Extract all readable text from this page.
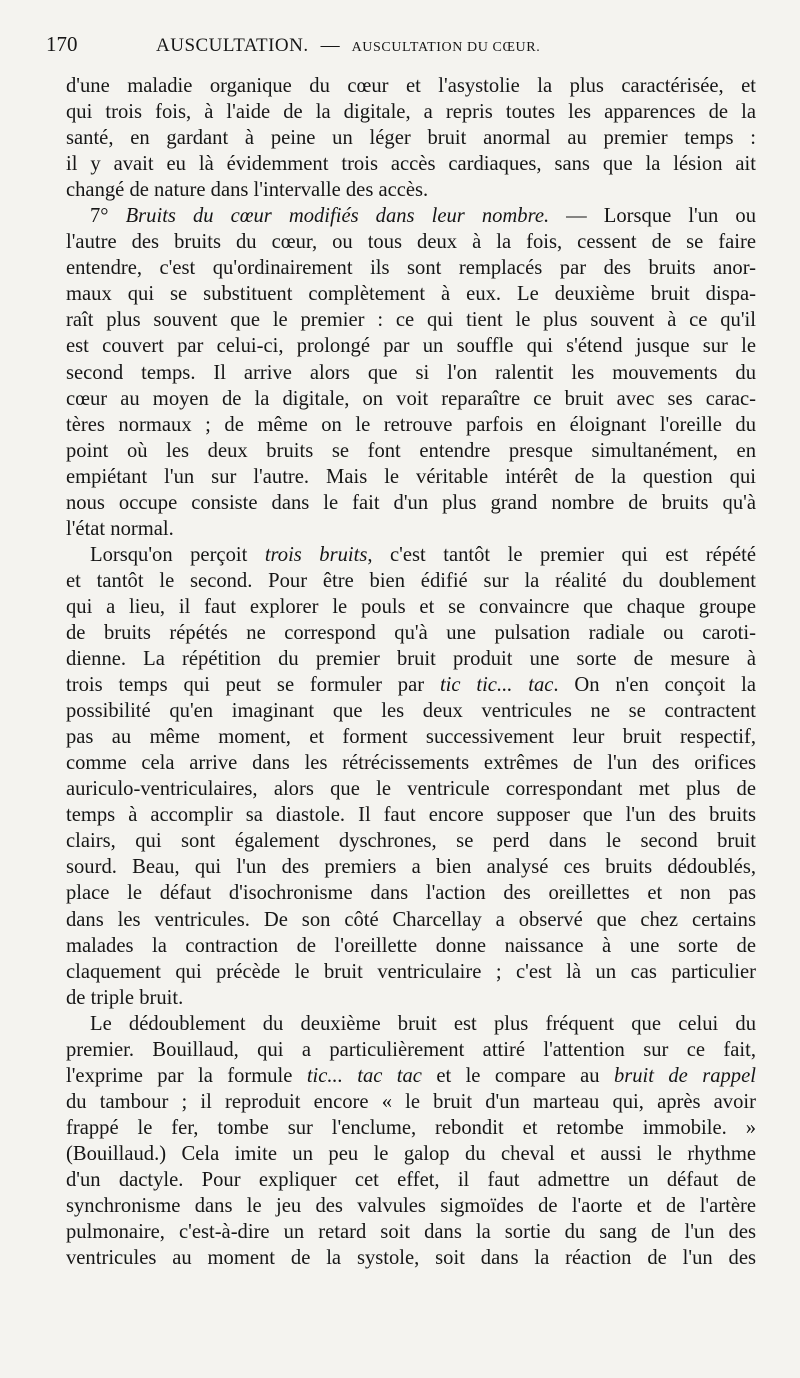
170	AUSCULTATION. — AUSCULTATION DU CŒUR.
d'une maladie organique du cœur et l'asystolie la plus caractérisée, et
qui trois fois, à l'aide de la digitale, a repris toutes les apparences de la
santé, en gardant à peine un léger bruit anormal au premier temps :
il y avait eu là évidemment trois accès cardiaques, sans que la lésion ait
changé de nature dans l'intervalle des accès.
7° Bruits du cœur modifiés dans leur nombre. — Lorsque l'un ou
l'autre des bruits du cœur, ou tous deux à la fois, cessent de se faire
entendre, c'est qu'ordinairement ils sont remplacés par des bruits anor-
maux qui se substituent complètement à eux. Le deuxième bruit dispa-
raît plus souvent que le premier : ce qui tient le plus souvent à ce qu'il
est couvert par celui-ci, prolongé par un souffle qui s'étend jusque sur le
second temps. Il arrive alors que si l'on ralentit les mouvements du
cœur au moyen de la digitale, on voit reparaître ce bruit avec ses carac-
tères normaux ; de même on le retrouve parfois en éloignant l'oreille du
point où les deux bruits se font entendre presque simultanément, en
empiétant l'un sur l'autre. Mais le véritable intérêt de la question qui
nous occupe consiste dans le fait d'un plus grand nombre de bruits qu'à
l'état normal.
Lorsqu'on perçoit trois bruits, c'est tantôt le premier qui est répété
et tantôt le second. Pour être bien édifié sur la réalité du doublement
qui a lieu, il faut explorer le pouls et se convaincre que chaque groupe
de bruits répétés ne correspond qu'à une pulsation radiale ou caroti-
dienne. La répétition du premier bruit produit une sorte de mesure à
trois temps qui peut se formuler par tic tic... tac. On n'en conçoit la
possibilité qu'en imaginant que les deux ventricules ne se contractent
pas au même moment, et forment successivement leur bruit respectif,
comme cela arrive dans les rétrécissements extrêmes de l'un des orifices
auriculo-ventriculaires, alors que le ventricule correspondant met plus de
temps à accomplir sa diastole. Il faut encore supposer que l'un des bruits
clairs, qui sont également dyschrones, se perd dans le second bruit
sourd. Beau, qui l'un des premiers a bien analysé ces bruits dédoublés,
place le défaut d'isochronisme dans l'action des oreillettes et non pas
dans les ventricules. De son côté Charcellay a observé que chez certains
malades la contraction de l'oreillette donne naissance à une sorte de
claquement qui précède le bruit ventriculaire ; c'est là un cas particulier
de triple bruit.
Le dédoublement du deuxième bruit est plus fréquent que celui du
premier. Bouillaud, qui a particulièrement attiré l'attention sur ce fait,
l'exprime par la formule tic... tac tac et le compare au bruit de rappel
du tambour ; il reproduit encore « le bruit d'un marteau qui, après avoir
frappé le fer, tombe sur l'enclume, rebondit et retombe immobile. »
(Bouillaud.) Cela imite un peu le galop du cheval et aussi le rhythme
d'un dactyle. Pour expliquer cet effet, il faut admettre un défaut de
synchronisme dans le jeu des valvules sigmoïdes de l'aorte et de l'artère
pulmonaire, c'est-à-dire un retard soit dans la sortie du sang de l'un des
ventricules au moment de la systole, soit dans la réaction de l'un des
